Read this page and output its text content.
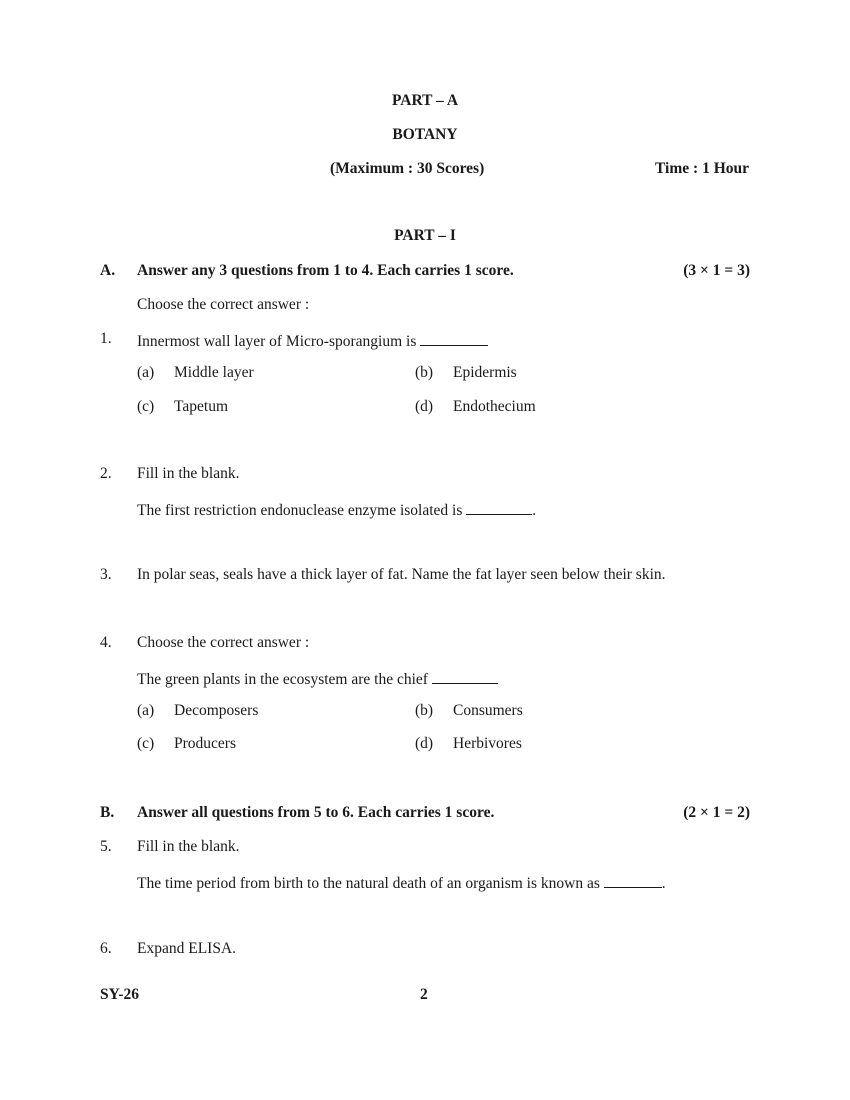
PART – A
BOTANY
(Maximum : 30 Scores)	Time : 1 Hour
PART – I
A. Answer any 3 questions from 1 to 4. Each carries 1 score.	(3 × 1 = 3)
Choose the correct answer :
1. Innermost wall layer of Micro-sporangium is
(a) Middle layer	(b) Epidermis
(c) Tapetum	(d) Endothecium
2. Fill in the blank.
The first restriction endonuclease enzyme isolated is	.
3. In polar seas, seals have a thick layer of fat. Name the fat layer seen below their skin.
4. Choose the correct answer :
The green plants in the ecosystem are the chief
(a) Decomposers	(b) Consumers
(c) Producers	(d) Herbivores
B. Answer all questions from 5 to 6. Each carries 1 score.	(2 × 1 = 2)
5. Fill in the blank.
The time period from birth to the natural death of an organism is known as	.
6. Expand ELISA.
SY-26	2
